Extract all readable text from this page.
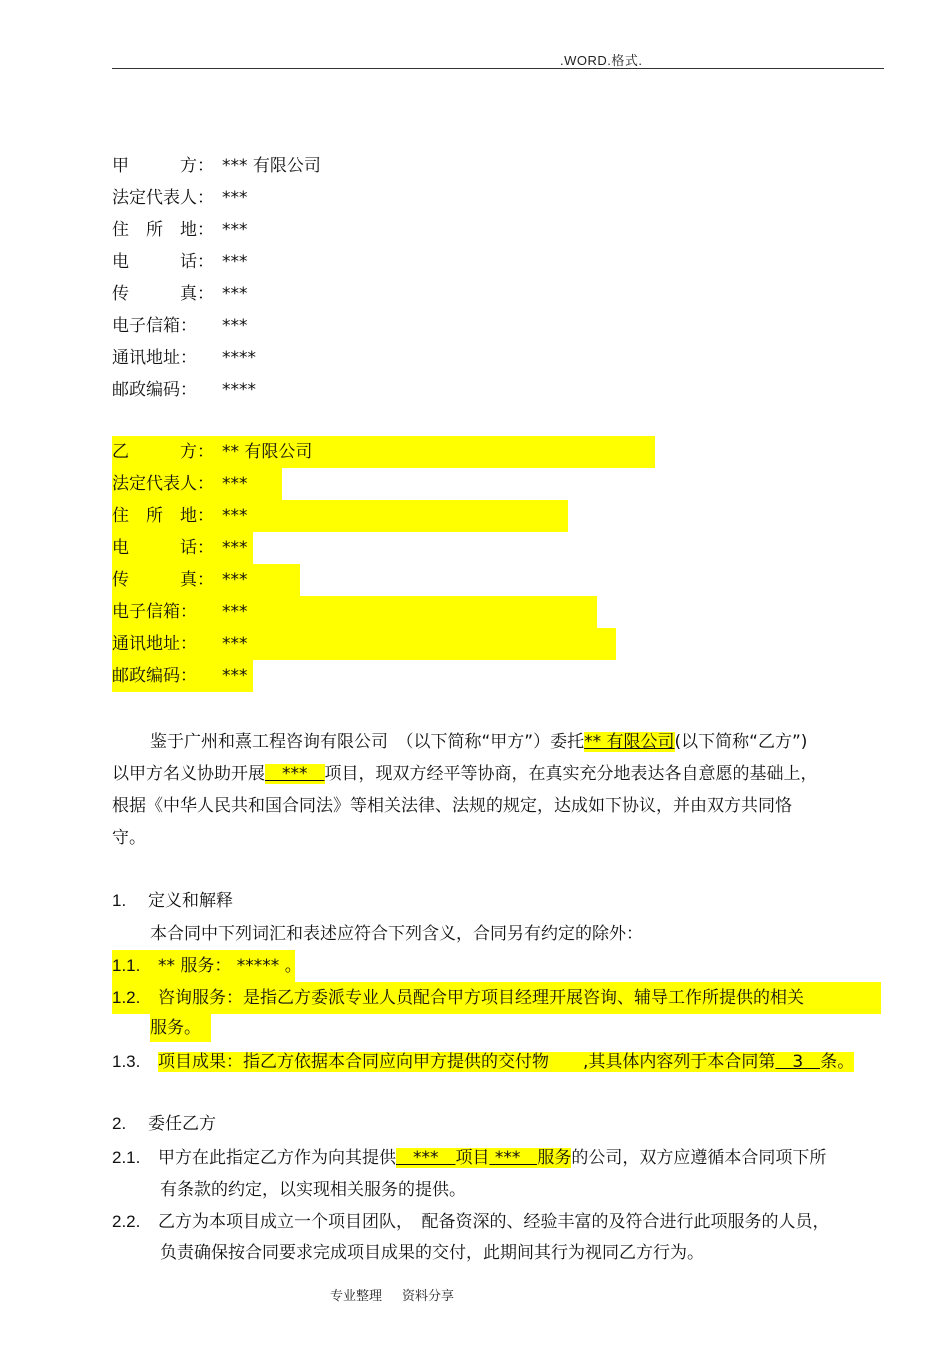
.WORD.格式.
甲　　　方： *** 有限公司
法定代表人： ***
住　所　地： ***
电　　　话： ***
传　　　真： ***
电子信箱： ***
通讯地址： ****
邮政编码： ****
乙　　　方： ** 有限公司
法定代表人： ***
住　所　地： ***
电　　　话： ***
传　　　真： ***
电子信箱： ***
通讯地址： ***
邮政编码： ***
鉴于广州和熹工程咨询有限公司　（以下简称“甲方”）委托** 有限公司(以下简称“乙方”)
以甲方名义协助开展　***　项目，现双方经平等协商，在真实充分地表达各自意愿的基础上，
根据《中华人民共和国合同法》等相关法律、法规的规定，达成如下协议，并由双方共同恪
守。
1. 定义和解释
本合同中下列词汇和表述应符合下列含义，合同另有约定的除外：
1.1. ** 服务： ***** 。
1.2. 咨询服务：是指乙方委派专业人员配合甲方项目经理开展咨询、辅导工作所提供的相关
服务。
1.3. 项目成果：指乙方依据本合同应向甲方提供的交付物　　,其具体内容列于本合同第　3　条。
2. 委任乙方
2.1. 甲方在此指定乙方作为向其提供　***　项目 ***　服务的公司，双方应遵循本合同项下所
有条款的约定，以实现相关服务的提供。
2.2. 乙方为本项目成立一个项目团队，　配备资深的、经验丰富的及符合进行此项服务的人员，
负责确保按合同要求完成项目成果的交付，此期间其行为视同乙方行为。
专业整理 资料分享
